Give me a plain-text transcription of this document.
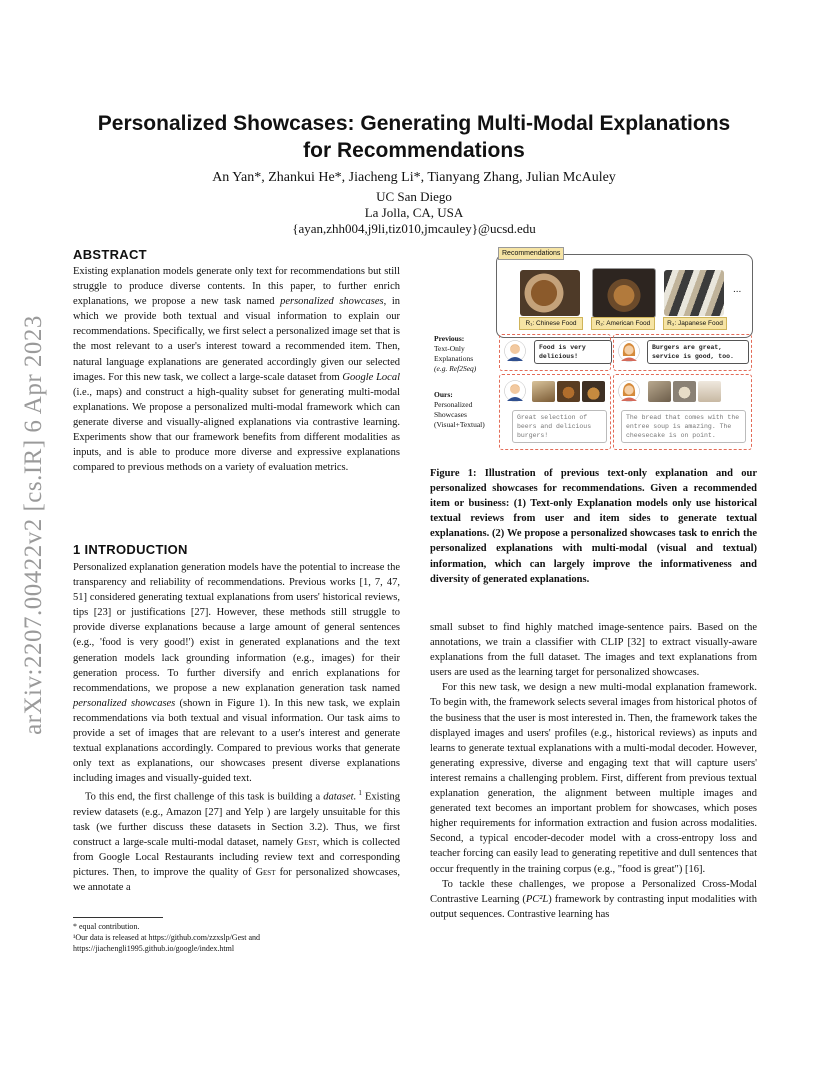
arXiv:2207.00422v2 [cs.IR] 6 Apr 2023
Personalized Showcases: Generating Multi-Modal Explanations
for Recommendations
An Yan*, Zhankui He*, Jiacheng Li*, Tianyang Zhang, Julian McAuley
UC San Diego
La Jolla, CA, USA
{ayan,zhh004,j9li,tiz010,jmcauley}@ucsd.edu
ABSTRACT

Existing explanation models generate only text for recommendations but still struggle to produce diverse contents. In this paper, to further enrich explanations, we propose a new task named personalized showcases, in which we provide both textual and visual information to explain our recommendations. Specifically, we first select a personalized image set that is the most relevant to a user's interest toward a recommended item. Then, natural language explanations are generated accordingly given our selected images. For this new task, we collect a large-scale dataset from Google Local (i.e., maps) and construct a high-quality subset for generating multi-modal explanations. We propose a personalized multi-modal framework which can generate diverse and visually-aligned explanations via contrastive learning. Experiments show that our framework benefits from different modalities as inputs, and is able to produce more diverse and expressive explanations compared to previous methods on a variety of evaluation metrics.

1 INTRODUCTION

Personalized explanation generation models have the potential to increase the transparency and reliability of recommendations. Previous works [1, 7, 47, 51] considered generating textual explanations from users' historical reviews, tips [23] or justifications [27]. However, these methods still struggle to provide diverse explanations because a large amount of general sentences (e.g., 'food is very good!') exist in generated explanations and the text generation models lack grounding information (e.g., images) for their generation process. To further diversify and enrich explanations for recommendations, we propose a new explanation generation task named personalized showcases (shown in Figure 1). In this new task, we explain recommendations via both textual and visual information. Our task aims to provide a set of images that are relevant to a user's interest and generate textual explanations accordingly. Compared to previous works that generate only text as explanations, our showcases present diverse explanations including images and visually-guided text.

To this end, the first challenge of this task is building a dataset. $^1$ Existing review datasets (e.g., Amazon [27] and Yelp ) are largely unsuitable for this task (we further discuss these datasets in Section 3.2). Thus, we first construct a large-scale multi-modal dataset, namely Gest, which is collected from Google Local Restaurants including review text and corresponding pictures. Then, to improve the quality of Gest for personalized showcases, we annotate a

* equal contribution.
¹Our data is released at https://github.com/zzxslp/Gest and https://jiachengli1995.github.io/google/index.html
Recommendations
...
R₁: Chinese Food	R₂: American Food	R₃: Japanese Food
Previous:
Text-Only Explanations
(e.g. Ref2Seq)
Food is very delicious!
Burgers are great, service is good, too.
Ours:
Personalized Showcases (Visual+Textual)
Great selection of beers and delicious burgers!
The bread that comes with the entree soup is amazing. The cheesecake is on point.
Figure 1: Illustration of previous text-only explanation and our personalized showcases for recommendations. Given a recommended item or business: (1) Text-only Explanation models only use historical textual reviews from user and item sides to generate textual explanations. (2) We propose a personalized showcases task to enrich the personalized explanations with multi-modal (visual and textual) information, which can largely improve the informativeness and diversity of generated explanations.

small subset to find highly matched image-sentence pairs. Based on the annotations, we train a classifier with CLIP [32] to extract visually-aware explanations from the full dataset. The images and text explanations from users are used as the learning target for personalized showcases.

For this new task, we design a new multi-modal explanation framework. To begin with, the framework selects several images from historical photos of the business that the user is most interested in. Then, the framework takes the displayed images and users' profiles (e.g., historical reviews) as inputs and learns to generate textual explanations with a multi-modal decoder. However, generating expressive, diverse and engaging text that will capture users' interest remains a challenging problem. First, different from previous textual explanation generation, the alignment between multiple images and generated text becomes an important problem for showcases, which poses higher requirements for information extraction and fusion across modalities. Second, a typical encoder-decoder model with a cross-entropy loss and teacher forcing can easily lead to generating repetitive and dull sentences that occur frequently in the training corpus (e.g., "food is great") [16].

To tackle these challenges, we propose a Personalized Cross-Modal Contrastive Learning (PC²L) framework by contrasting input modalities with output sequences. Contrastive learning has
